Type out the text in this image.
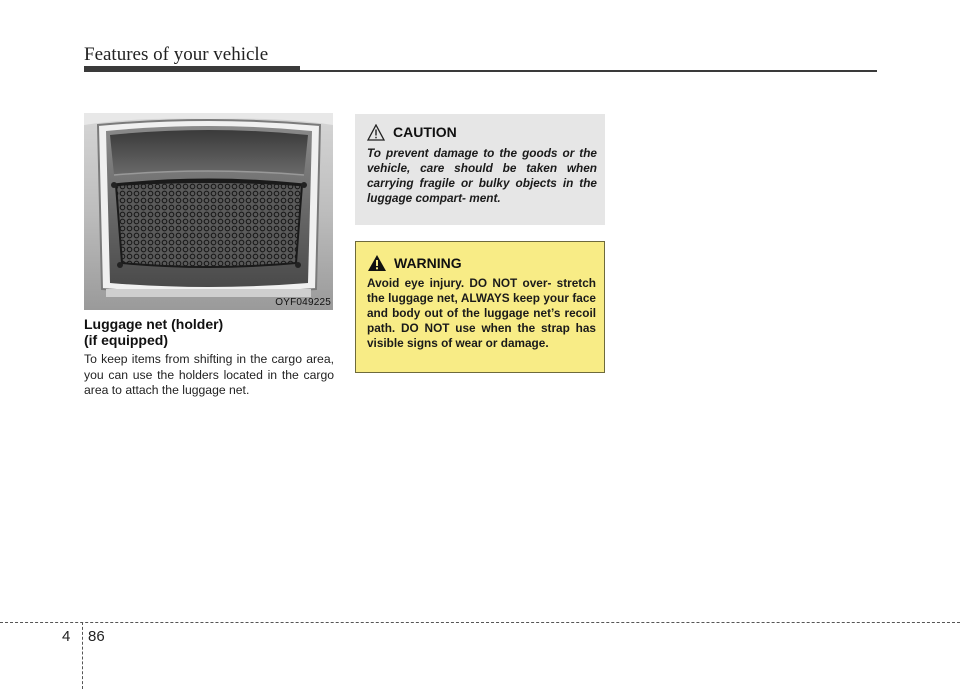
Features of your vehicle
OYF049225
Luggage net (holder)
(if equipped)
To keep items from shifting in the cargo area, you can use the holders located in the cargo area to attach the luggage net.
CAUTION
To prevent damage to the goods or the vehicle, care should be taken when carrying fragile or bulky objects in the luggage compart- ment.
WARNING
Avoid eye injury. DO NOT over- stretch the luggage net, ALWAYS keep your face and body out of the luggage net’s recoil path. DO NOT use when the strap has visible signs of wear or damage.
4 86
